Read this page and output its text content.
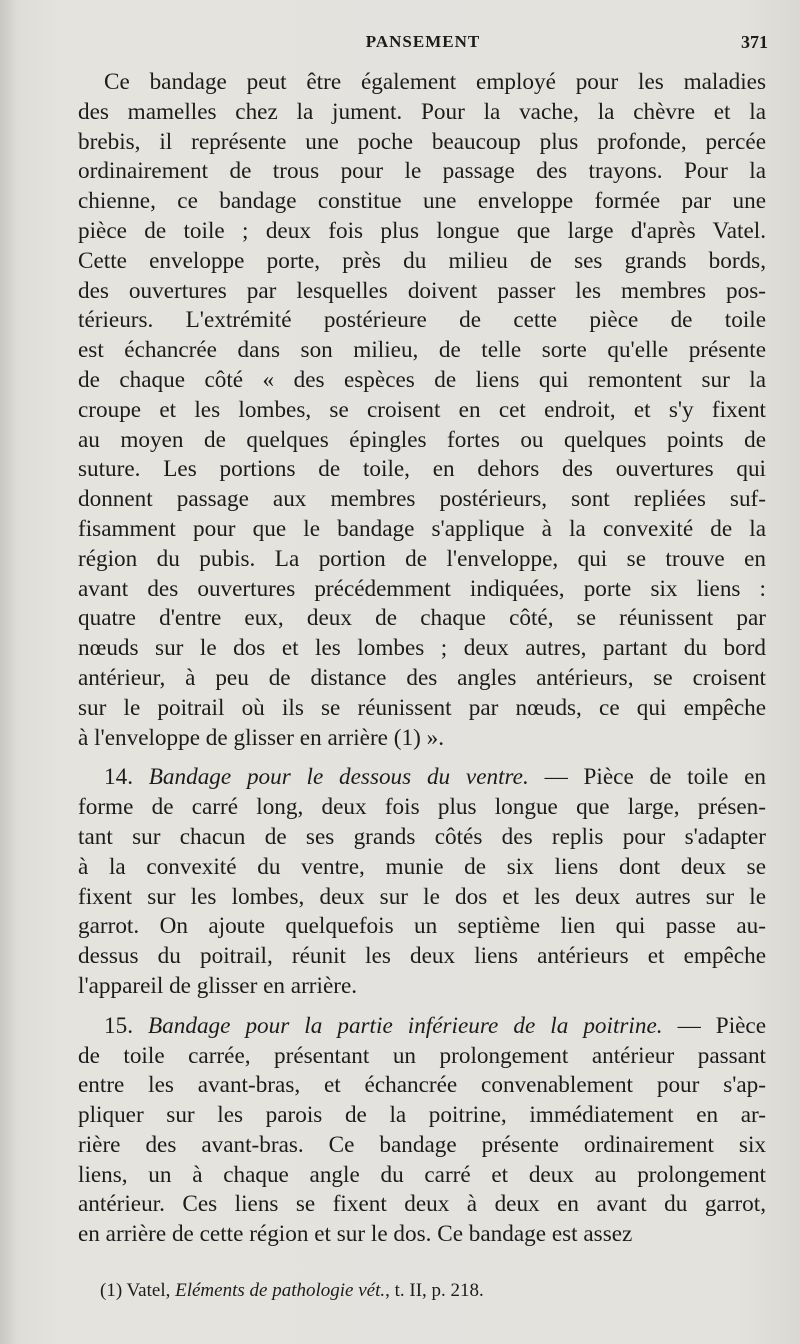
PANSEMENT	371
Ce bandage peut être également employé pour les maladies
des mamelles chez la jument. Pour la vache, la chèvre et la
brebis, il représente une poche beaucoup plus profonde, percée
ordinairement de trous pour le passage des trayons. Pour la
chienne, ce bandage constitue une enveloppe formée par une
pièce de toile ; deux fois plus longue que large d'après Vatel.
Cette enveloppe porte, près du milieu de ses grands bords,
des ouvertures par lesquelles doivent passer les membres pos-
térieurs. L'extrémité postérieure de cette pièce de toile
est échancrée dans son milieu, de telle sorte qu'elle présente
de chaque côté « des espèces de liens qui remontent sur la
croupe et les lombes, se croisent en cet endroit, et s'y fixent
au moyen de quelques épingles fortes ou quelques points de
suture. Les portions de toile, en dehors des ouvertures qui
donnent passage aux membres postérieurs, sont repliées suf-
fisamment pour que le bandage s'applique à la convexité de la
région du pubis. La portion de l'enveloppe, qui se trouve en
avant des ouvertures précédemment indiquées, porte six liens :
quatre d'entre eux, deux de chaque côté, se réunissent par
nœuds sur le dos et les lombes ; deux autres, partant du bord
antérieur, à peu de distance des angles antérieurs, se croisent
sur le poitrail où ils se réunissent par nœuds, ce qui empêche
à l'enveloppe de glisser en arrière (1) ».
14. Bandage pour le dessous du ventre. — Pièce de toile en
forme de carré long, deux fois plus longue que large, présen-
tant sur chacun de ses grands côtés des replis pour s'adapter
à la convexité du ventre, munie de six liens dont deux se
fixent sur les lombes, deux sur le dos et les deux autres sur le
garrot. On ajoute quelquefois un septième lien qui passe au-
dessus du poitrail, réunit les deux liens antérieurs et empêche
l'appareil de glisser en arrière.
15. Bandage pour la partie inférieure de la poitrine. — Pièce
de toile carrée, présentant un prolongement antérieur passant
entre les avant-bras, et échancrée convenablement pour s'ap-
pliquer sur les parois de la poitrine, immédiatement en ar-
rière des avant-bras. Ce bandage présente ordinairement six
liens, un à chaque angle du carré et deux au prolongement
antérieur. Ces liens se fixent deux à deux en avant du garrot,
en arrière de cette région et sur le dos. Ce bandage est assez
(1) Vatel, Eléments de pathologie vét., t. II, p. 218.
